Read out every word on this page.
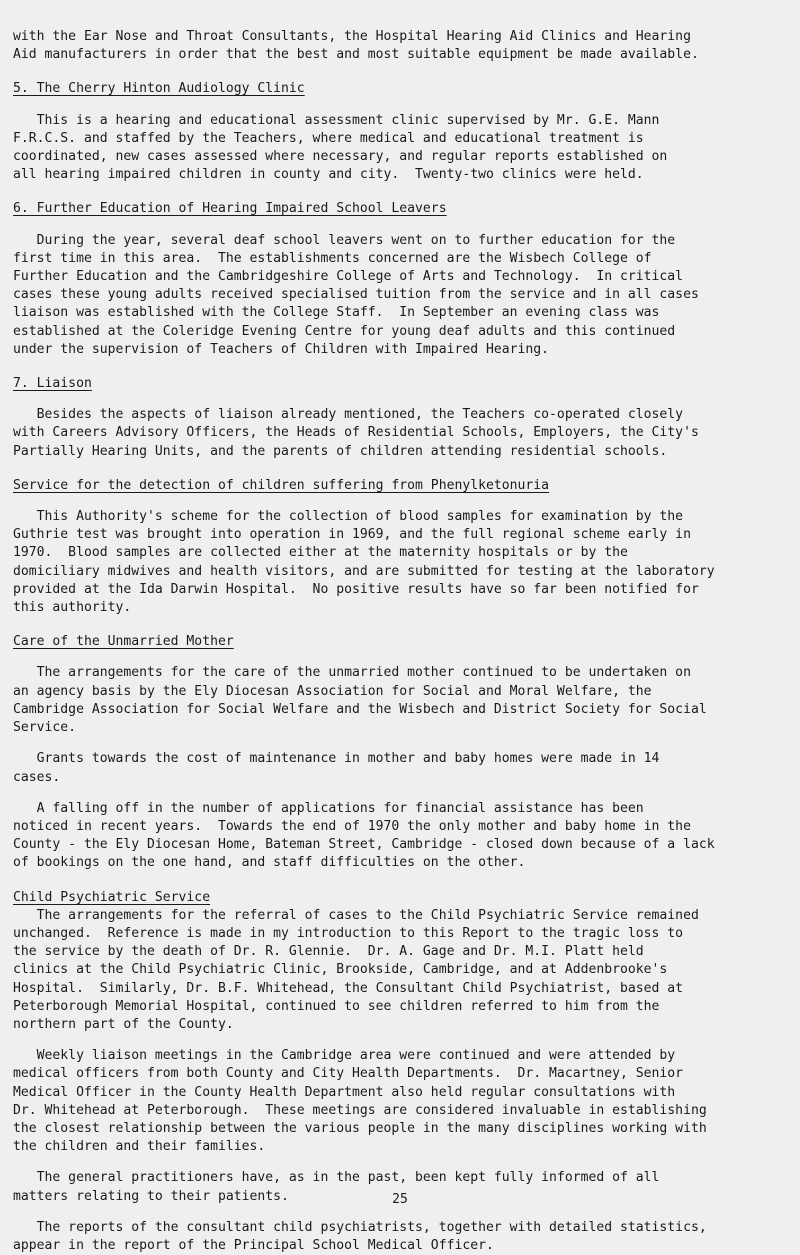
with the Ear Nose and Throat Consultants, the Hospital Hearing Aid Clinics and Hearing

Aid manufacturers in order that the best and most suitable equipment be made available.

5. The Cherry Hinton Audiology Clinic

This is a hearing and educational assessment clinic supervised by Mr. G.E. Mann

F.R.C.S. and staffed by the Teachers, where medical and educational treatment is

coordinated, new cases assessed where necessary, and regular reports established on

all hearing impaired children in county and city.  Twenty-two clinics were held.

6. Further Education of Hearing Impaired School Leavers

During the year, several deaf school leavers went on to further education for the

first time in this area.  The establishments concerned are the Wisbech College of

Further Education and the Cambridgeshire College of Arts and Technology.  In critical

cases these young adults received specialised tuition from the service and in all cases

liaison was established with the College Staff.  In September an evening class was

established at the Coleridge Evening Centre for young deaf adults and this continued

under the supervision of Teachers of Children with Impaired Hearing.

7. Liaison

Besides the aspects of liaison already mentioned, the Teachers co-operated closely

with Careers Advisory Officers, the Heads of Residential Schools, Employers, the City's

Partially Hearing Units, and the parents of children attending residential schools.

Service for the detection of children suffering from Phenylketonuria

This Authority's scheme for the collection of blood samples for examination by the

Guthrie test was brought into operation in 1969, and the full regional scheme early in

1970.  Blood samples are collected either at the maternity hospitals or by the

domiciliary midwives and health visitors, and are submitted for testing at the laboratory

provided at the Ida Darwin Hospital.  No positive results have so far been notified for

this authority.

Care of the Unmarried Mother

The arrangements for the care of the unmarried mother continued to be undertaken on

an agency basis by the Ely Diocesan Association for Social and Moral Welfare, the

Cambridge Association for Social Welfare and the Wisbech and District Society for Social

Service.

Grants towards the cost of maintenance in mother and baby homes were made in 14

cases.

A falling off in the number of applications for financial assistance has been

noticed in recent years.  Towards the end of 1970 the only mother and baby home in the

County - the Ely Diocesan Home, Bateman Street, Cambridge - closed down because of a lack

of bookings on the one hand, and staff difficulties on the other.

Child Psychiatric Service

The arrangements for the referral of cases to the Child Psychiatric Service remained

unchanged.  Reference is made in my introduction to this Report to the tragic loss to

the service by the death of Dr. R. Glennie.  Dr. A. Gage and Dr. M.I. Platt held

clinics at the Child Psychiatric Clinic, Brookside, Cambridge, and at Addenbrooke's

Hospital.  Similarly, Dr. B.F. Whitehead, the Consultant Child Psychiatrist, based at

Peterborough Memorial Hospital, continued to see children referred to him from the

northern part of the County.

Weekly liaison meetings in the Cambridge area were continued and were attended by

medical officers from both County and City Health Departments.  Dr. Macartney, Senior

Medical Officer in the County Health Department also held regular consultations with

Dr. Whitehead at Peterborough.  These meetings are considered invaluable in establishing

the closest relationship between the various people in the many disciplines working with

the children and their families.

The general practitioners have, as in the past, been kept fully informed of all

matters relating to their patients.

The reports of the consultant child psychiatrists, together with detailed statistics,

appear in the report of the Principal School Medical Officer.

25
